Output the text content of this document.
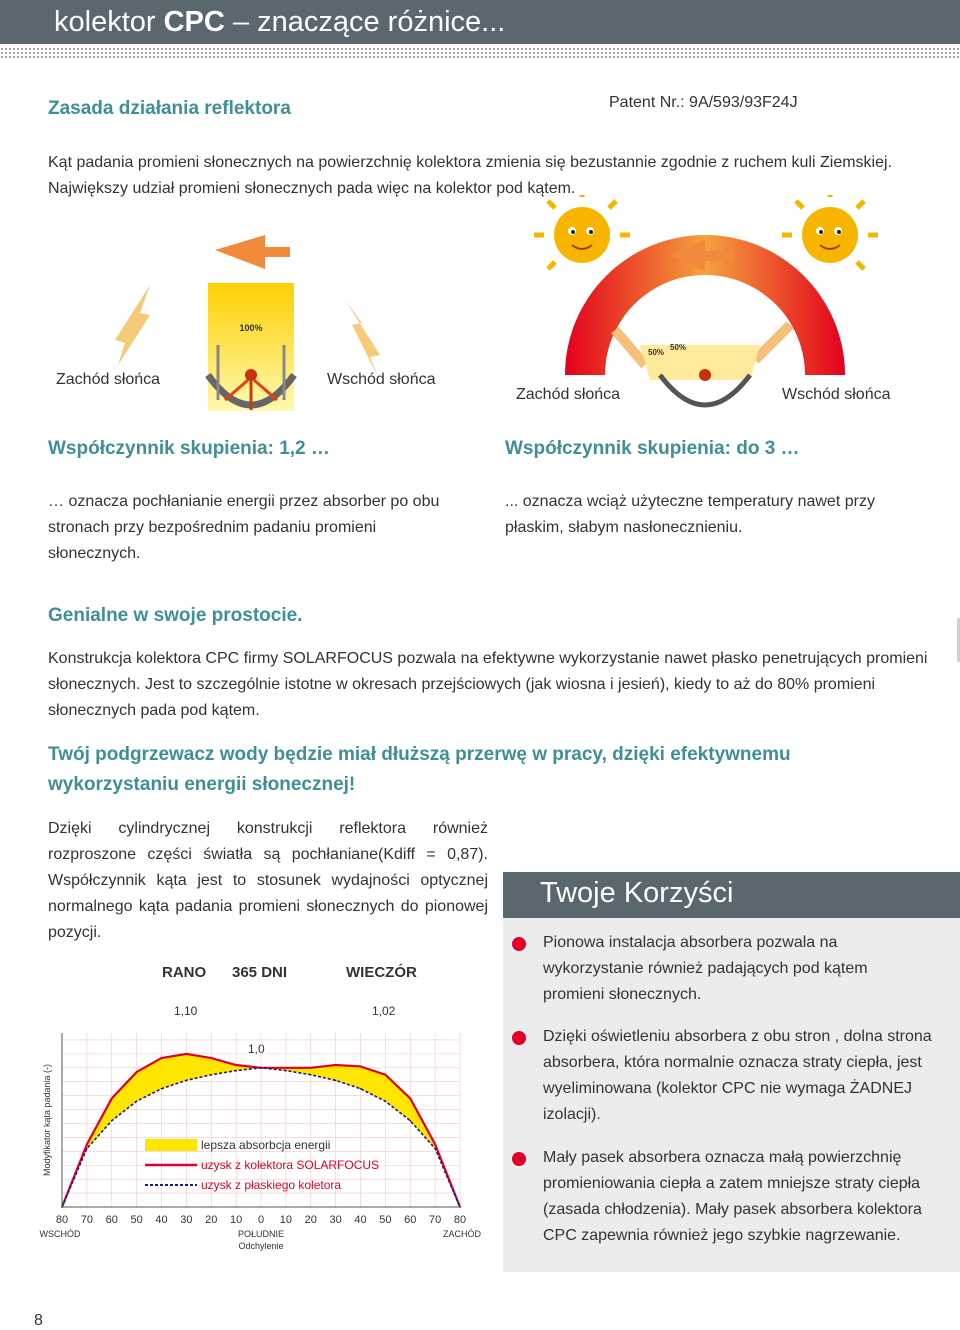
kolektor CPC – znaczące różnice...
Zasada działania reflektora	Patent Nr.: 9A/593/93F24J
Kąt padania promieni słonecznych na powierzchnię kolektora zmienia się bezustannie zgodnie z ruchem kuli Ziemskiej. Największy udział promieni słonecznych pada więc na kolektor pod kątem.
100%
Zachód słońca	Wschód słońca
50%
50%
Zachód słońca	Wschód słońca
Współczynnik skupienia: 1,2 …
… oznacza pochłanianie energii przez absorber po obu stronach przy bezpośrednim padaniu promieni słonecznych.
Współczynnik skupienia: do 3 …
... oznacza wciąż użyteczne temperatury nawet przy płaskim, słabym nasłonecznieniu.
Genialne w swoje prostocie.
Konstrukcja kolektora CPC firmy SOLARFOCUS pozwala na efektywne wykorzystanie nawet płasko penetrujących promieni słonecznych. Jest to szczególnie istotne w okresach przejściowych (jak wiosna i jesień), kiedy to aż do 80% promieni słonecznych pada pod kątem.
Twój podgrzewacz wody będzie miał dłuższą przerwę w pracy, dzięki efektywnemu wykorzystaniu energii słonecznej!
Dzięki cylindrycznej konstrukcji reflektora również rozproszone części światła są pochłaniane(Kdiff = 0,87). Współczynnik kąta jest to stosunek wydajności optycznej normalnego kąta padania promieni słonecznych do pionowej pozycji.
RANO 365 DNI	WIECZÓR
1,10	1,02
1,0
80 70 60 50 40 30 20 10 0 10 20 30 40 50 60 70 80
WSCHÓD	POŁUDNIE	ZACHÓD
Odchylenie
Modyfikator kąta padania (-)	lepsza absorbcja energii
uzysk z kolektora SOLARFOCUS
uzysk z płaskiego koletora
Twoje Korzyści
Pionowa instalacja absorbera pozwala na wykorzystanie również padających pod kątem promieni słonecznych.
Dzięki oświetleniu absorbera z obu stron , dolna strona absorbera, która normalnie oznacza straty ciepła, jest wyeliminowana (kolektor CPC nie wymaga ŻADNEJ izolacji).
Mały pasek absorbera oznacza małą powierzchnię promieniowania ciepła a zatem mniejsze straty ciepła (zasada chłodzenia). Mały pasek absorbera kolektora CPC zapewnia również jego szybkie nagrzewanie.
8
